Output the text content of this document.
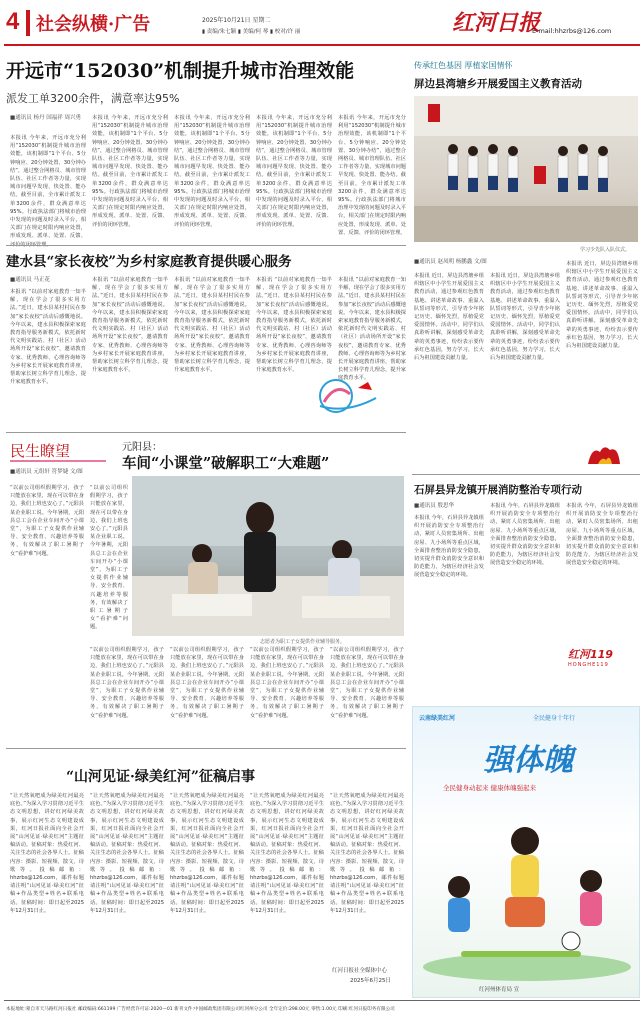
4 社会纵横·广告	2025年10月21日 星期二
▮ 责编/朱七颖 ▮ 美编/何 琴 ▮ 校对/许 丽	红河日报
E-mail:hhzrbs@126.com
开远市“152030”机制提升城市治理效能
派发工单3200余件，满意率达95%
■通讯员 杨丹 国福祥 周兴勇
本报讯 今年来，开远市充分利用“152030”机制提升城市治理效能，该机制即“1个平台、5分钟响应、20分钟处置、30分钟办结”，通过整合网格员、城市管理队伍、社区工作者等力量，实现城市问题早发现、快处置、能办结。截至目前，全市累计派发工单3200余件，群众满意率达95%。行政执法部门将城市治理中发现的问题及时录入平台，相关部门在规定时限内响应处置，形成发现、派单、处置、反馈、
本报讯 今年来，开远市充分利用“152030”机制提升城市治理效能，该机制即“1个平台、5分钟响应、20分钟处置、30分钟办结”，通过整合网格员、城市管理队伍、社区工作者等力量，实现城市问题早发现、快处置、能办结。截至目前，全市累计派发工单3200余件，群众满意率达95%。行政执法部门将城市治理中发现的问题及时录入平台，相关部门在规定时限内响应处置，形成发现、派单、处置、反馈、评价的闭环管理。
本报讯 今年来，开远市充分利用“152030”机制提升城市治理效能，该机制即“1个平台、5分钟响应、20分钟处置、30分钟办结”，通过整合网格员、城市管理队伍、社区工作者等力量，实现城市问题早发现、快处置、能办结。截至目前，全市累计派发工单3200余件，群众满意率达95%。行政执法部门将城市治理中发现的问题及时录入平台，相关部门在规定时限内响应处置，形成发现、派单、处置、反馈、评价的闭环管理。
本报讯 今年来，开远市充分利用“152030”机制提升城市治理效能，该机制即“1个平台、5分钟响应、20分钟处置、30分钟办结”，通过整合网格员、城市管理队伍、社区工作者等力量，实现城市问题早发现、快处置、能办结。截至目前，全市累计派发工单3200余件，群众满意率达95%。行政执法部门将城市治理中发现的问题及时录入平台，相关部门在规定时限内响应处置，形成发现、派单、处置、反馈、评价的闭环管理。
本报讯 今年来，开远市充分利用“152030”机制提升城市治理效能，该机制即“1个平台、5分钟响应、20分钟处置、30分钟办结”，通过整合网格员、城市管理队伍、社区工作者等力量，实现城市问题早发现、快处置、能办结。截至目前，全市累计派发工单3200余件，群众满意率达95%。行政执法部门将城市治理中发现的问题及时录入平台，相关部门在规定时限内响应处置，形成发现、派单、处置、反馈、评价的闭环管理。
建水县“家长夜校”为乡村家庭教育提供暖心服务
■通讯员 马正花
本报讯 “以前对家庭教育一知半解，现在学会了很多实用方法。”近日，建水县某村村民在参加“家长夜校”活动后感慨地说。今年以来，建水县积极探索家庭教育指导服务新模式，依托新时代文明实践站、村（社区）活动场所开设“家长夜校”，邀请教育专家、优秀教师、心理咨询师等为乡村家长开展家庭教育讲座，帮助家长树立科学育儿理念，提升家庭教育水平。
本报讯 “以前对家庭教育一知半解，现在学会了很多实用方法。”近日，建水县某村村民在参加“家长夜校”活动后感慨地说。今年以来，建水县积极探索家庭教育指导服务新模式，依托新时代文明实践站、村（社区）活动场所开设“家长夜校”，邀请教育专家、优秀教师、心理咨询师等为乡村家长开展家庭教育讲座，帮助家长树立科学育儿理念，提升家庭教育水平。
本报讯 “以前对家庭教育一知半解，现在学会了很多实用方法。”近日，建水县某村村民在参加“家长夜校”活动后感慨地说。今年以来，建水县积极探索家庭教育指导服务新模式，依托新时代文明实践站、村（社区）活动场所开设“家长夜校”，邀请教育专家、优秀教师、心理咨询师等为乡村家长开展家庭教育讲座，帮助家长树立科学育儿理念，提升家庭教育水平。
本报讯 “以前对家庭教育一知半解，现在学会了很多实用方法。”近日，建水县某村村民在参加“家长夜校”活动后感慨地说。今年以来，建水县积极探索家庭教育指导服务新模式，依托新时代文明实践站、村（社区）活动场所开设“家长夜校”，邀请教育专家、优秀教师、心理咨询师等为乡村家长开展家庭教育讲座，帮助家长树立科学育儿理念，提升家庭教育水平。
本报讯 “以前对家庭教育一知半解，现在学会了很多实用方法。”近日，建水县某村村民在参加“家长夜校”活动后感慨地说。今年以来，建水县积极探索家庭教育指导服务新模式，依托新时代文明实践站、村（社区）活动场所开设“家长夜校”，邀请教育专家、优秀教师、心理咨询师等为乡村家长开展家庭教育讲座，帮助家长树立科学育儿理念，提升家庭教育水平。
民生瞭望	元阳县：
车间“小课堂”破解职工“大难题”
■通讯员 元组轩 符梦婕 文/图
“以前公司组织假期学习，孩子只能放在家里，现在可以带在身边，我们上班也安心了。”元阳县某企业职工说。今年暑期，元阳县总工会在企业车间开办“小课堂”，为职工子女提供作业辅导、安全教育、兴趣培养等服务，有效解决了职工暑期子女“看护难”问题。
“以前公司组织假期学习，孩子只能放在家里，现在可以带在身边，我们上班也安心了。”元阳县某企业职工说。今年暑期，元阳县总工会在企业车间开办“小课堂”，为职工子女提供作业辅导、安全教育、兴趣培养等服务，有效解决了职工暑期子女“看护难”问题。
志愿者为职工子女提供作业辅导服务。
“以前公司组织假期学习，孩子只能放在家里，现在可以带在身边，我们上班也安心了。”元阳县某企业职工说。今年暑期，元阳县总工会在企业车间开办“小课堂”，为职工子女提供作业辅导、安全教育、兴趣培养等服务，有效解决了职工暑期子女“看护难”问题。
“以前公司组织假期学习，孩子只能放在家里，现在可以带在身边，我们上班也安心了。”元阳县某企业职工说。今年暑期，元阳县总工会在企业车间开办“小课堂”，为职工子女提供作业辅导、安全教育、兴趣培养等服务，有效解决了职工暑期子女“看护难”问题。
“以前公司组织假期学习，孩子只能放在家里，现在可以带在身边，我们上班也安心了。”元阳县某企业职工说。今年暑期，元阳县总工会在企业车间开办“小课堂”，为职工子女提供作业辅导、安全教育、兴趣培养等服务，有效解决了职工暑期子女“看护难”问题。
“以前公司组织假期学习，孩子只能放在家里，现在可以带在身边，我们上班也安心了。”元阳县某企业职工说。今年暑期，元阳县总工会在企业车间开办“小课堂”，为职工子女提供作业辅导、安全教育、兴趣培养等服务，有效解决了职工暑期子女“看护难”问题。
传承红色基因 厚植家国情怀
屏边县湾塘乡开展爱国主义教育活动
学习少先队入队仪式。
■通讯员 赵凤明 杨鹏鑫 文/图
本报讯 近日，屏边县湾塘乡组织辖区中小学生开展爱国主义教育活动，通过参观红色教育基地、讲述革命故事、重温入队誓词等形式，引导青少年铭记历史、缅怀先烈，厚植爱党爱国情怀。活动中，同学们认真聆听讲解，深刻感受革命先辈的英勇事迹，纷纷表示要传承红色基因，努力学习，长大后为祖国建设贡献力量。
本报讯 近日，屏边县湾塘乡组织辖区中小学生开展爱国主义教育活动，通过参观红色教育基地、讲述革命故事、重温入队誓词等形式，引导青少年铭记历史、缅怀先烈，厚植爱党爱国情怀。活动中，同学们认真聆听讲解，深刻感受革命先辈的英勇事迹，纷纷表示要传承红色基因，努力学习，长大后为祖国建设贡献力量。
本报讯 近日，屏边县湾塘乡组织辖区中小学生开展爱国主义教育活动，通过参观红色教育基地、讲述革命故事、重温入队誓词等形式，引导青少年铭记历史、缅怀先烈，厚植爱党爱国情怀。活动中，同学们认真聆听讲解，深刻感受革命先辈的英勇事迹，纷纷表示要传承红色基因，努力学习，长大后为祖国建设贡献力量。
石屏县异龙镇开展消防整治专项行动
■通讯员 殷思华
本报讯 今年，石屏县异龙镇组织开展消防安全专项整治行动，紧盯人员密集场所、出租房屋、九小场所等重点区域，全面排查整治消防安全隐患，切实提升群众消防安全意识和防范能力，为辖区经济社会发展营造安全稳定的环境。
本报讯 今年，石屏县异龙镇组织开展消防安全专项整治行动，紧盯人员密集场所、出租房屋、九小场所等重点区域，全面排查整治消防安全隐患，切实提升群众消防安全意识和防范能力，为辖区经济社会发展营造安全稳定的环境。
本报讯 今年，石屏县异龙镇组织开展消防安全专项整治行动，紧盯人员密集场所、出租房屋、九小场所等重点区域，全面排查整治消防安全隐患，切实提升群众消防安全意识和防范能力，为辖区经济社会发展营造安全稳定的环境。
红河119
HONGHE119
“山河见证·绿美红河”征稿启事
“让天然氧吧成为绿美红河最亮底色。”为深入学习贯彻习近平生态文明思想，讲好红河绿美故事，展示红河生态文明建设成果，红河日报社面向全社会开展“山河见证·绿美红河”主题征稿活动。征稿对象：热爱红河、关注生态的社会各界人士。征稿内容：摄影、短视频、散文、诗歌等。投稿邮箱：hhzrbs@126.com，邮件标题请注明“山河见证·绿美红河”征稿+作品类型+姓名+联系电话。征稿时间：即日起至2025年12月31日止。
“让天然氧吧成为绿美红河最亮底色。”为深入学习贯彻习近平生态文明思想，讲好红河绿美故事，展示红河生态文明建设成果，红河日报社面向全社会开展“山河见证·绿美红河”主题征稿活动。征稿对象：热爱红河、关注生态的社会各界人士。征稿内容：摄影、短视频、散文、诗歌等。投稿邮箱：hhzrbs@126.com，邮件标题请注明“山河见证·绿美红河”征稿+作品类型+姓名+联系电话。征稿时间：即日起至2025年12月31日止。
“让天然氧吧成为绿美红河最亮底色。”为深入学习贯彻习近平生态文明思想，讲好红河绿美故事，展示红河生态文明建设成果，红河日报社面向全社会开展“山河见证·绿美红河”主题征稿活动。征稿对象：热爱红河、关注生态的社会各界人士。征稿内容：摄影、短视频、散文、诗歌等。投稿邮箱：hhzrbs@126.com，邮件标题请注明“山河见证·绿美红河”征稿+作品类型+姓名+联系电话。征稿时间：即日起至2025年12月31日止。
“让天然氧吧成为绿美红河最亮底色。”为深入学习贯彻习近平生态文明思想，讲好红河绿美故事，展示红河生态文明建设成果，红河日报社面向全社会开展“山河见证·绿美红河”主题征稿活动。征稿对象：热爱红河、关注生态的社会各界人士。征稿内容：摄影、短视频、散文、诗歌等。投稿邮箱：hhzrbs@126.com，邮件标题请注明“山河见证·绿美红河”征稿+作品类型+姓名+联系电话。征稿时间：即日起至2025年12月31日止。
“让天然氧吧成为绿美红河最亮底色。”为深入学习贯彻习近平生态文明思想，讲好红河绿美故事，展示红河生态文明建设成果，红河日报社面向全社会开展“山河见证·绿美红河”主题征稿活动。征稿对象：热爱红河、关注生态的社会各界人士。征稿内容：摄影、短视频、散文、诗歌等。投稿邮箱：hhzrbs@126.com，邮件标题请注明“山河见证·绿美红河”征稿+作品类型+姓名+联系电话。征稿时间：即日起至2025年12月31日止。
红河日报社全媒体中心
2025年6月25日
云南绿美红河	全民健身十年行
强体魄
全民健身动起来 健康体魄强起来
红河州体育局 宣
本报地址:蒙自市天马路红河日报社 邮政编码:661199 广告经营许可证:2020—01 新刊文件:中国邮政集团有限公司红河州分公司 全年定价:298.00元 零售:1.00元 印刷:红河日报印务有限公司
